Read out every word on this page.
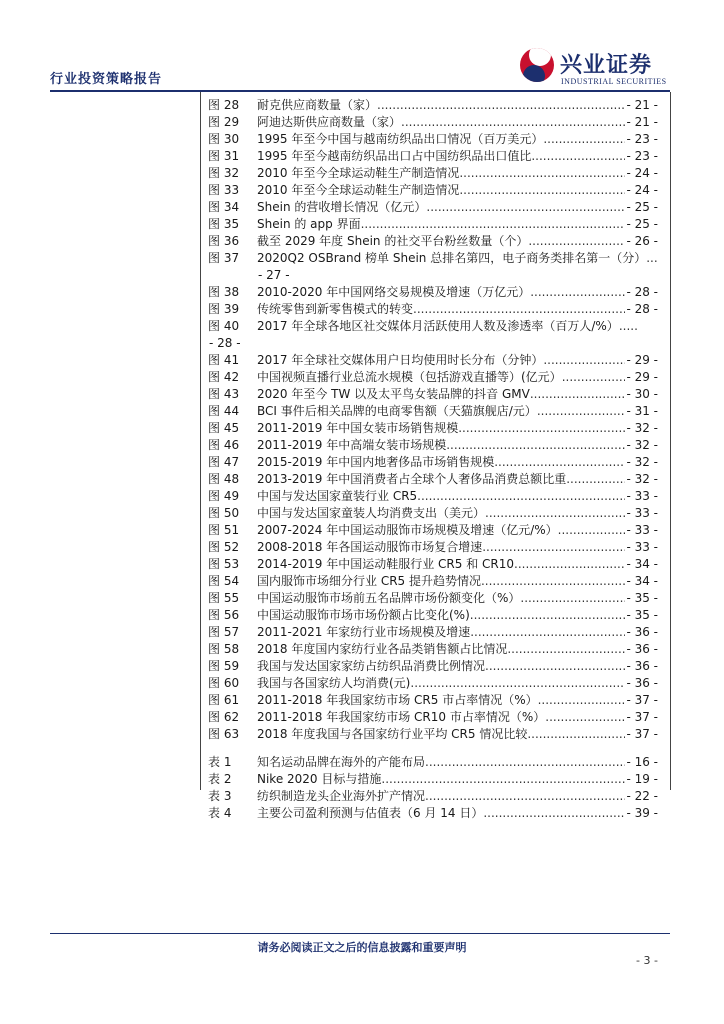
行业投资策略报告
兴业证券
INDUSTRIAL SECURITIES
图 28	耐克供应商数量（家） .....	- 21 -
图 29	阿迪达斯供应商数量（家） .....	- 21 -
图 30	1995 年至今中国与越南纺织品出口情况（百万美元） .....	- 23 -
图 31	1995 年至今越南纺织品出口占中国纺织品出口值比 .....	- 23 -
图 32	2010 年至今全球运动鞋生产制造情况 .....	- 24 -
图 33	2010 年至今全球运动鞋生产制造情况 .....	- 24 -
图 34	Shein 的营收增长情况（亿元） .....	- 25 -
图 35	Shein 的 app 界面 .....	- 25 -
图 36	截至 2029 年度 Shein 的社交平台粉丝数量（个） .....	- 26 -
图 37	2020Q2 OSBrand 榜单 Shein 总排名第四，电子商务类排名第一（分）
.....
- 27 -
图 38	2010-2020 年中国网络交易规模及增速（万亿元） .....	- 28 -
图 39	传统零售到新零售模式的转变 .....	- 28 -
图 40	2017 年全球各地区社交媒体月活跃使用人数及渗透率（百万人/%）
.....
- 28 -
图 41	2017 年全球社交媒体用户日均使用时长分布（分钟） .....	- 29 -
图 42	中国视频直播行业总流水规模（包括游戏直播等）(亿元） .....	- 29 -
图 43	2020 年至今 TW 以及太平鸟女装品牌的抖音 GMV .....	- 30 -
图 44	BCI 事件后相关品牌的电商零售额（天猫旗舰店/元） .....	- 31 -
图 45	2011-2019 年中国女装市场销售规模 .....	- 32 -
图 46	2011-2019 年中高端女装市场规模 .....	- 32 -
图 47	2015-2019 年中国内地奢侈品市场销售规模 .....	- 32 -
图 48	2013-2019 年中国消费者占全球个人奢侈品消费总额比重 .....	- 32 -
图 49	中国与发达国家童装行业 CR5 .....	- 33 -
图 50	中国与发达国家童装人均消费支出（美元） .....	- 33 -
图 51	2007-2024 年中国运动服饰市场规模及增速（亿元/%） .....	- 33 -
图 52	2008-2018 年各国运动服饰市场复合增速 .....	- 33 -
图 53	2014-2019 年中国运动鞋服行业 CR5 和 CR10 .....	- 34 -
图 54	国内服饰市场细分行业 CR5 提升趋势情况 .....	- 34 -
图 55	中国运动服饰市场前五名品牌市场份额变化（%） .....	- 35 -
图 56	中国运动服饰市场市场份额占比变化(%) .....	- 35 -
图 57	2011-2021 年家纺行业市场规模及增速 .....	- 36 -
图 58	2018 年度国内家纺行业各品类销售额占比情况 .....	- 36 -
图 59	我国与发达国家家纺占纺织品消费比例情况 .....	- 36 -
图 60	我国与各国家纺人均消费(元) .....	- 36 -
图 61	2011-2018 年我国家纺市场 CR5 市占率情况（%） .....	- 37 -
图 62	2011-2018 年我国家纺市场 CR10 市占率情况（%） .....	- 37 -
图 63	2018 年度我国与各国家纺行业平均 CR5 情况比较 .....	- 37 -
表 1	知名运动品牌在海外的产能布局 .....	- 16 -
表 2	Nike 2020 目标与措施 .....	- 19 -
表 3	纺织制造龙头企业海外扩产情况 .....	- 22 -
表 4	主要公司盈利预测与估值表（6 月 14 日） .....	- 39 -
请务必阅读正文之后的信息披露和重要声明
- 3 -
